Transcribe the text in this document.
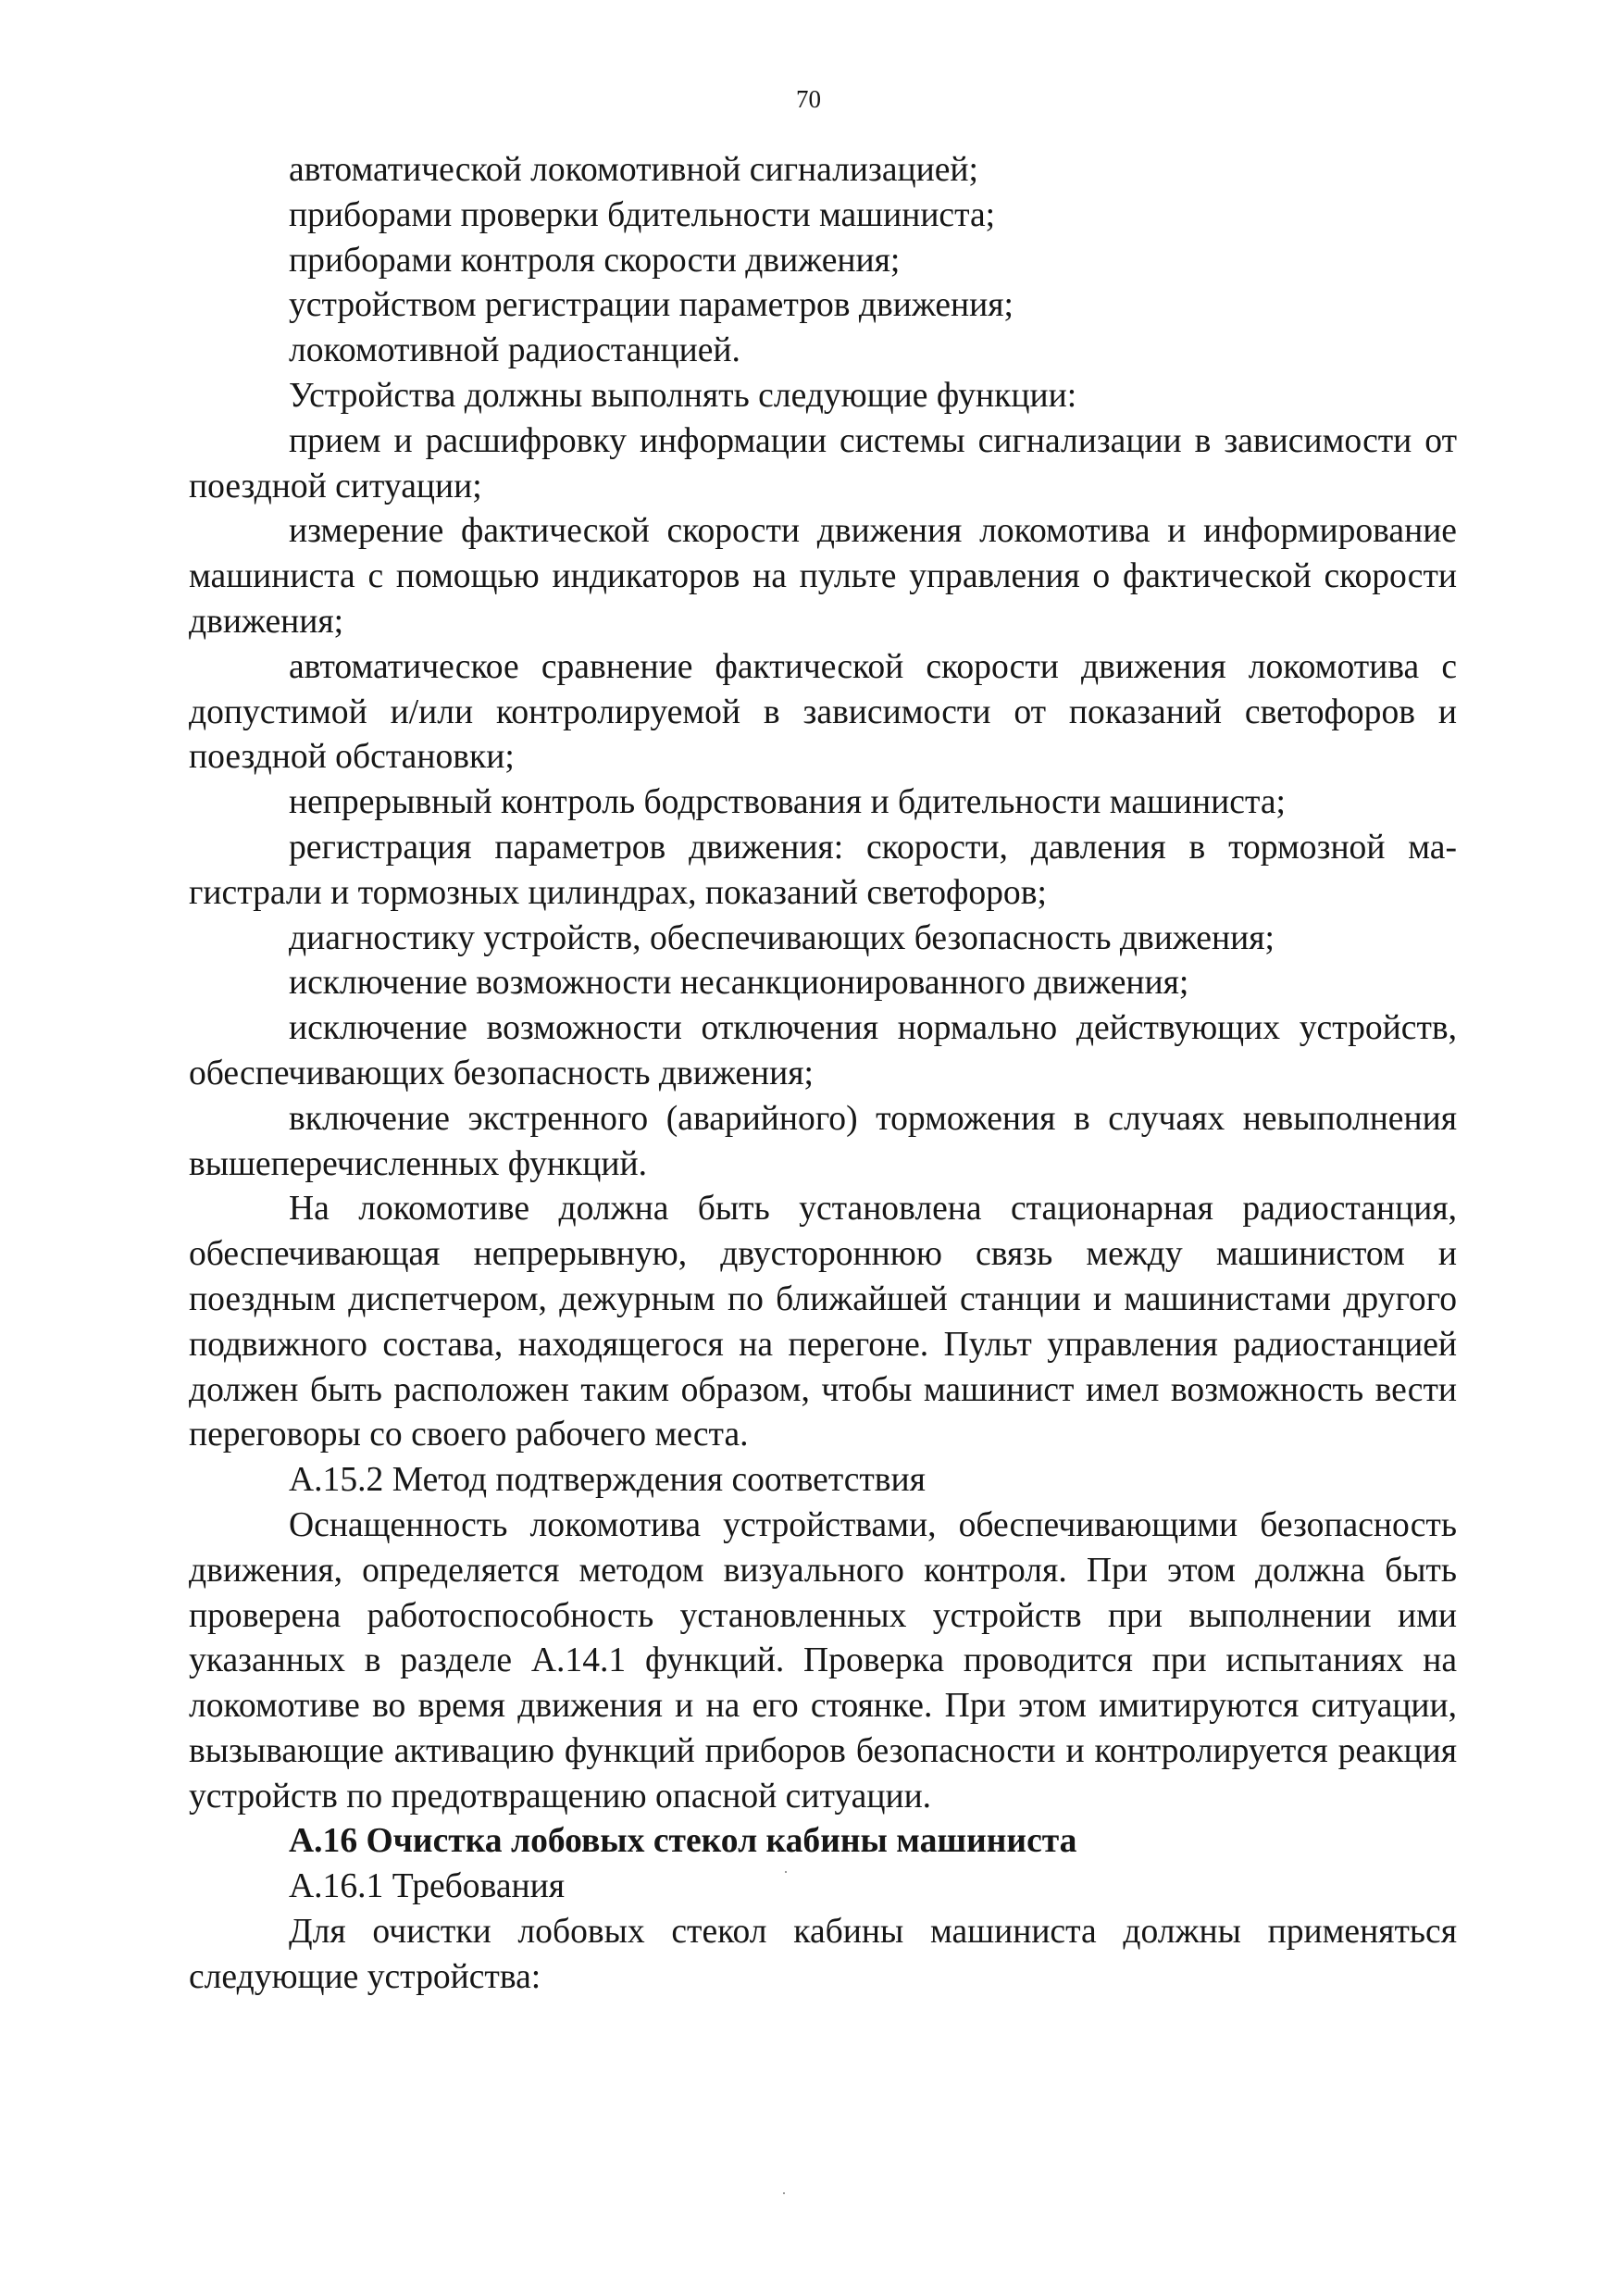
70
автоматической локомотивной сигнализацией;
приборами проверки бдительности машиниста;
приборами контроля скорости движения;
устройством регистрации параметров движения;
локомотивной радиостанцией.

Устройства должны выполнять следующие функции:

прием и расшифровку информации системы сигнализации в зависимости от поездной ситуации;

измерение фактической скорости движения локомотива и информирование машиниста с помощью индикаторов на пульте управления о фактической скорости движения;

автоматическое сравнение фактической скорости движения локомотива с допустимой и/или контролируемой в зависимости от показаний светофоров и поездной обстановки;

непрерывный контроль бодрствования и бдительности машиниста;

регистрация параметров движения: скорости, давления в тормозной магистрали и тормозных цилиндрах, показаний светофоров;

диагностику устройств, обеспечивающих безопасность движения;

исключение возможности несанкционированного движения;

исключение возможности отключения нормально действующих устройств, обеспечивающих безопасность движения;

включение экстренного (аварийного) торможения в случаях невыполнения вышеперечисленных функций.

На локомотиве должна быть установлена стационарная радиостанция, обеспечивающая непрерывную, двустороннюю связь между машинистом и поездным диспетчером, дежурным по ближайшей станции и машинистами другого подвижного состава, находящегося на перегоне. Пульт управления радиостанцией должен быть расположен таким образом, чтобы машинист имел возможность вести переговоры со своего рабочего места.

А.15.2 Метод подтверждения соответствия

Оснащенность локомотива устройствами, обеспечивающими безопасность движения, определяется методом визуального контроля. При этом должна быть проверена работоспособность установленных устройств при выполнении ими указанных в разделе А.14.1 функций. Проверка проводится при испытаниях на локомотиве во время движения и на его стоянке. При этом имитируются ситуации, вызывающие активацию функций приборов безопасности и контролируется реакция устройств по предотвращению опасной ситуации.

А.16 Очистка лобовых стекол кабины машиниста

А.16.1 Требования

Для очистки лобовых стекол кабины машиниста должны применяться следующие устройства:
